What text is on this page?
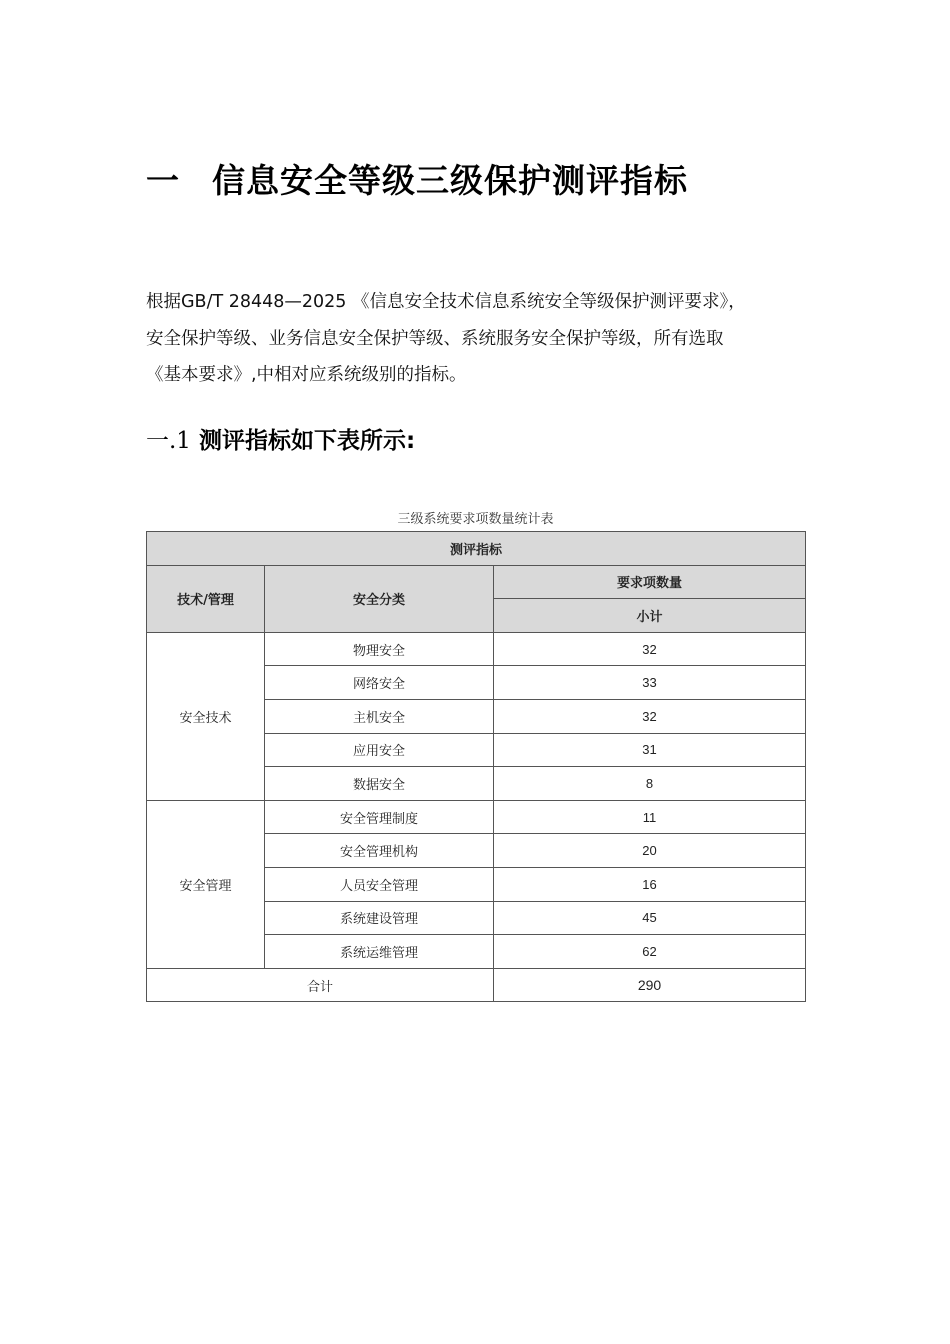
一 信息安全等级三级保护测评指标
根据GB/T 28448—2025 《信息安全技术信息系统安全等级保护测评要求》，
安全保护等级、业务信息安全保护等级、系统服务安全保护等级，所有选取
《基本要求》,中相对应系统级别的指标。
一.1 测评指标如下表所示:
三级系统要求项数量统计表
测评指标		
技术/管理	安全分类	要求项数量
		小计
安全技术	物理安全	32
	网络安全	33
	主机安全	32
	应用安全	31
	数据安全	8
安全管理	安全管理制度	11
	安全管理机构	20
	人员安全管理	16
	系统建设管理	45
	系统运维管理	62
合计		290
